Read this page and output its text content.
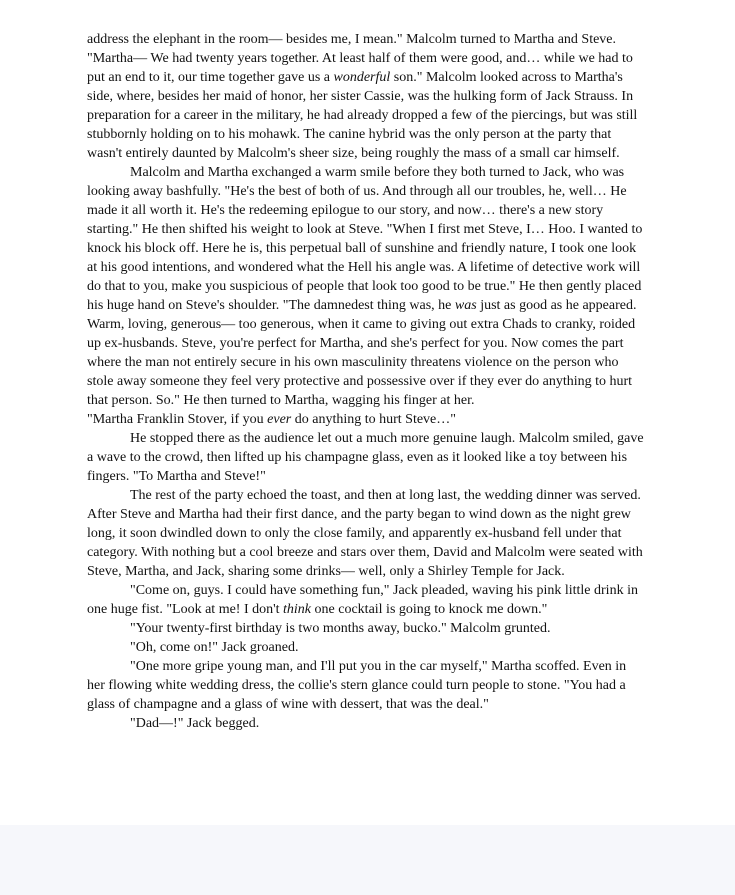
address the elephant in the room— besides me, I mean." Malcolm turned to Martha and Steve. "Martha— We had twenty years together. At least half of them were good, and… while we had to put an end to it, our time together gave us a wonderful son." Malcolm looked across to Martha's side, where, besides her maid of honor, her sister Cassie, was the hulking form of Jack Strauss. In preparation for a career in the military, he had already dropped a few of the piercings, but was still stubbornly holding on to his mohawk. The canine hybrid was the only person at the party that wasn't entirely daunted by Malcolm's sheer size, being roughly the mass of a small car himself.

Malcolm and Martha exchanged a warm smile before they both turned to Jack, who was looking away bashfully. "He's the best of both of us. And through all our troubles, he, well… He made it all worth it. He's the redeeming epilogue to our story, and now… there's a new story starting." He then shifted his weight to look at Steve. "When I first met Steve, I… Hoo. I wanted to knock his block off. Here he is, this perpetual ball of sunshine and friendly nature, I took one look at his good intentions, and wondered what the Hell his angle was. A lifetime of detective work will do that to you, make you suspicious of people that look too good to be true." He then gently placed his huge hand on Steve's shoulder. "The damnedest thing was, he was just as good as he appeared. Warm, loving, generous— too generous, when it came to giving out extra Chads to cranky, roided up ex-husbands. Steve, you're perfect for Martha, and she's perfect for you. Now comes the part where the man not entirely secure in his own masculinity threatens violence on the person who stole away someone they feel very protective and possessive over if they ever do anything to hurt that person. So." He then turned to Martha, wagging his finger at her.

"Martha Franklin Stover, if you ever do anything to hurt Steve…"

He stopped there as the audience let out a much more genuine laugh. Malcolm smiled, gave a wave to the crowd, then lifted up his champagne glass, even as it looked like a toy between his fingers. "To Martha and Steve!"

The rest of the party echoed the toast, and then at long last, the wedding dinner was served. After Steve and Martha had their first dance, and the party began to wind down as the night grew long, it soon dwindled down to only the close family, and apparently ex-husband fell under that category. With nothing but a cool breeze and stars over them, David and Malcolm were seated with Steve, Martha, and Jack, sharing some drinks— well, only a Shirley Temple for Jack.

"Come on, guys. I could have something fun," Jack pleaded, waving his pink little drink in one huge fist. "Look at me! I don't think one cocktail is going to knock me down."

"Your twenty-first birthday is two months away, bucko." Malcolm grunted.

"Oh, come on!" Jack groaned.

"One more gripe young man, and I'll put you in the car myself," Martha scoffed. Even in her flowing white wedding dress, the collie's stern glance could turn people to stone. "You had a glass of champagne and a glass of wine with dessert, that was the deal."

"Dad—!" Jack begged.
